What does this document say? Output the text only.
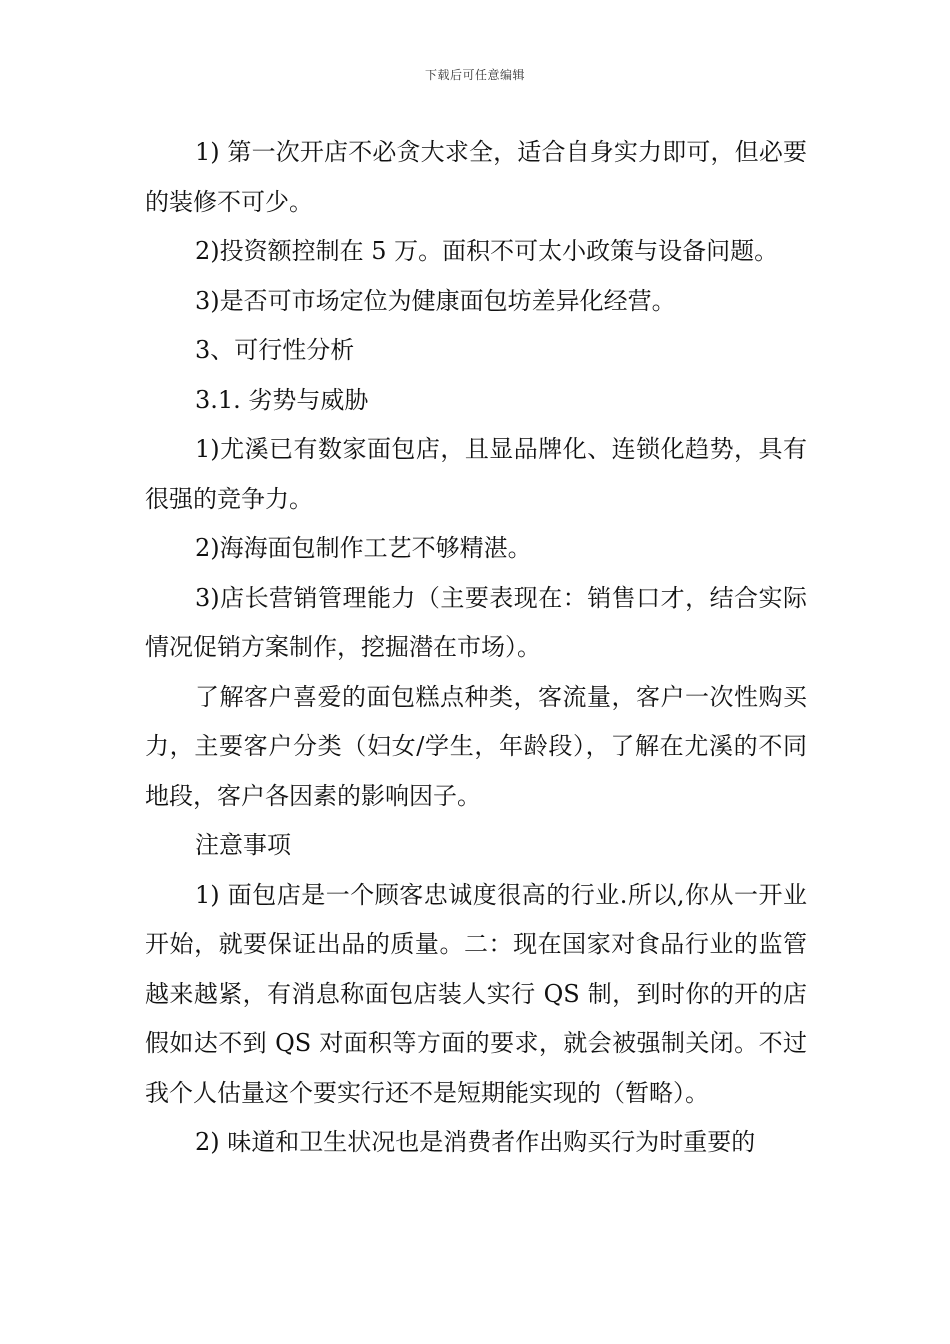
下载后可任意编辑

1) 第一次开店不必贪大求全，适合自身实力即可，但必要的装修不可少。

2)投资额控制在 5 万。面积不可太小政策与设备问题。

3)是否可市场定位为健康面包坊差异化经营。

3、可行性分析

3.1. 劣势与威胁

1)尤溪已有数家面包店，且显品牌化、连锁化趋势，具有很强的竞争力。

2)海海面包制作工艺不够精湛。

3)店长营销管理能力（主要表现在：销售口才，结合实际情况促销方案制作，挖掘潜在市场）。

了解客户喜爱的面包糕点种类，客流量，客户一次性购买力，主要客户分类（妇女/学生，年龄段），了解在尤溪的不同地段，客户各因素的影响因子。

注意事项

1) 面包店是一个顾客忠诚度很高的行业.所以,你从一开业开始，就要保证出品的质量。二：现在国家对食品行业的监管越来越紧，有消息称面包店装人实行 QS 制，到时你的开的店假如达不到 QS 对面积等方面的要求，就会被强制关闭。不过我个人估量这个要实行还不是短期能实现的（暂略）。

2) 味道和卫生状况也是消费者作出购买行为时重要的
